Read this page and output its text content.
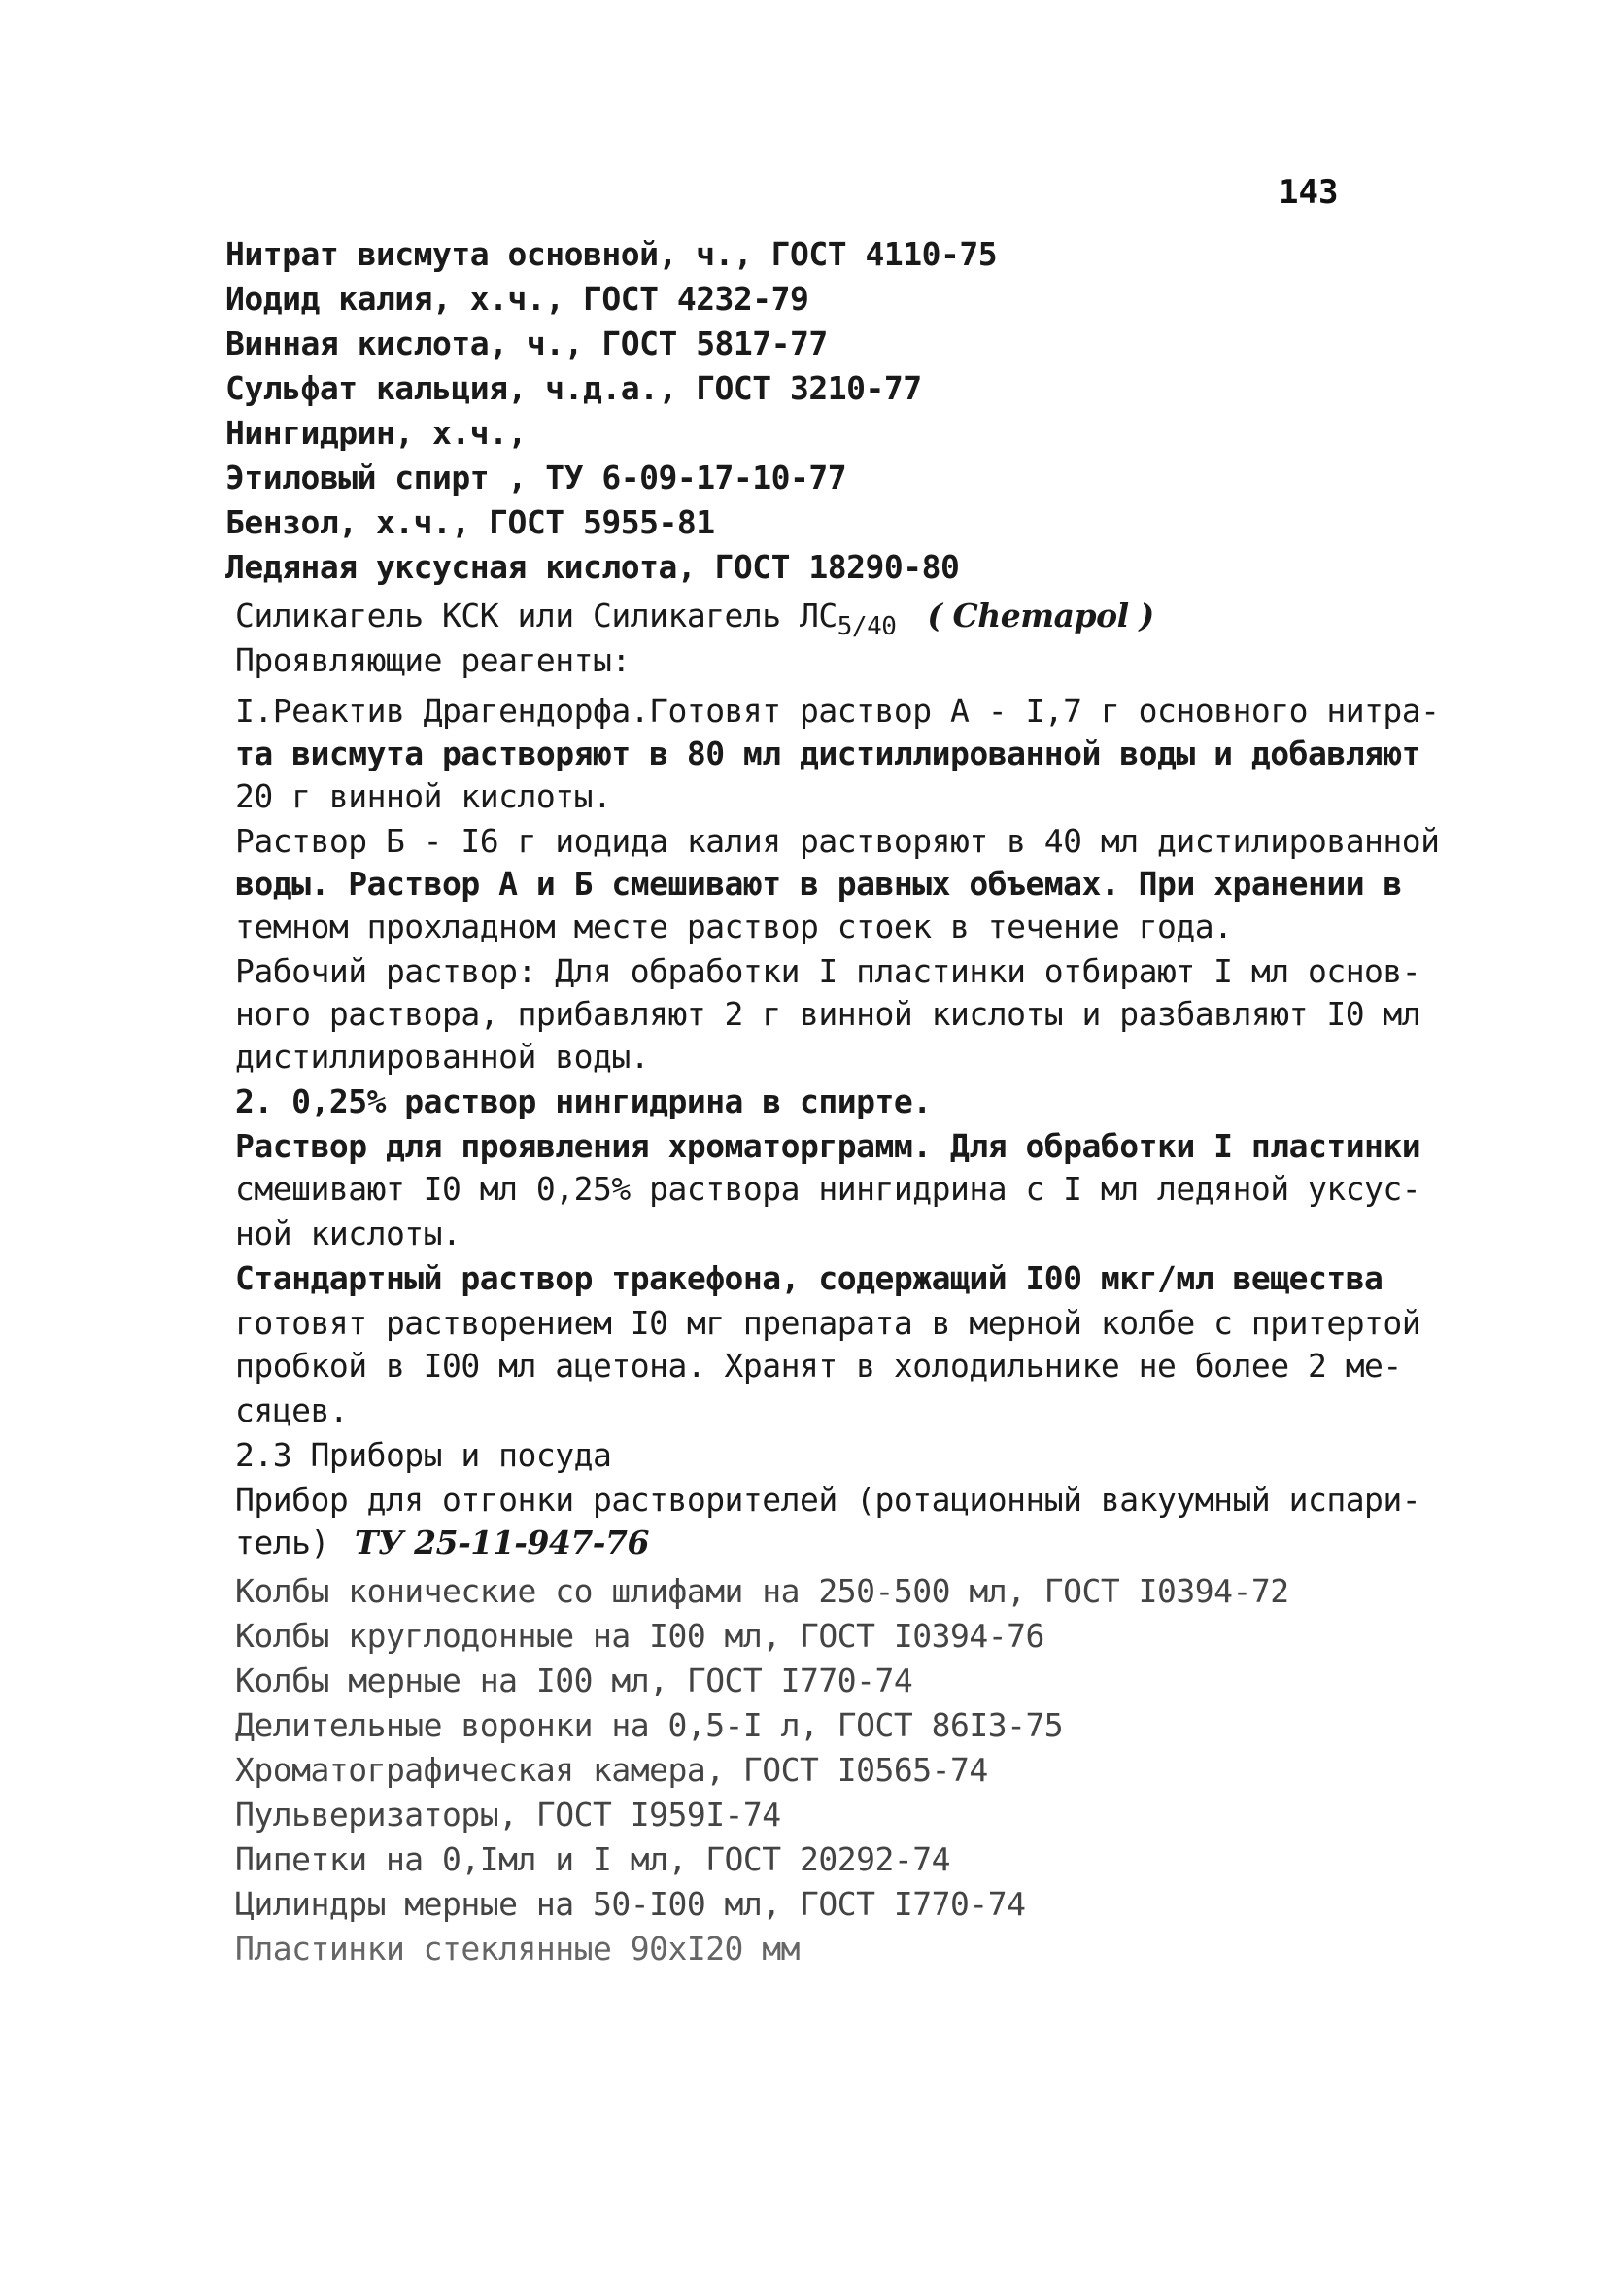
143
Нитрат висмута основной, ч., ГОСТ 4110-75
Иодид калия, х.ч., ГОСТ 4232-79
Винная кислота, ч., ГОСТ 5817-77
Сульфат кальция, ч.д.а., ГОСТ 3210-77
Нингидрин, х.ч.,
Этиловый спирт , ТУ 6-09-17-10-77
Бензол, х.ч., ГОСТ 5955-81
Ледяная уксусная кислота, ГОСТ 18290-80
Силикагель КСК или Силикагель $ЛС_{5/40}$ ( Chemapol )
Проявляющие реагенты:
I.Реактив Драгендорфа.Готовят раствор А - I,7 г основного нитра-
та висмута растворяют в 80 мл дистиллированной воды и добавляют
20 г винной кислоты.
Раствор Б - I6 г иодида калия растворяют в 40 мл дистилированной
воды. Раствор А и Б смешивают в равных объемах. При хранении в
темном прохладном месте раствор стоек в течение года.
Рабочий раствор: Для обработки I пластинки отбирают I мл основ-
ного раствора, прибавляют 2 г винной кислоты и разбавляют I0 мл
дистиллированной воды.
2. 0,25% раствор нингидрина в спирте.
Раствор для проявления хроматорграмм. Для обработки I пластинки
смешивают I0 мл 0,25% раствора нингидрина с I мл ледяной уксус-
ной кислоты.
Стандартный раствор тракефона, содержащий I00 мкг/мл вещества
готовят растворением I0 мг препарата в мерной колбе с притертой
пробкой в I00 мл ацетона. Хранят в холодильнике не более 2 ме-
сяцев.
2.3 Приборы и посуда
Прибор для отгонки растворителей (ротационный вакуумный испари-
тель) ТУ 25-11-947-76
Колбы конические со шлифами на 250-500 мл, ГОСТ I0394-72
Колбы круглодонные на I00 мл, ГОСТ I0394-76
Колбы мерные на I00 мл, ГОСТ I770-74
Делительные воронки на 0,5-I л, ГОСТ 86I3-75
Хроматографическая камера, ГОСТ I0565-74
Пульверизаторы, ГОСТ I959I-74
Пипетки на 0,Iмл и I мл, ГОСТ 20292-74
Цилиндры мерные на 50-I00 мл, ГОСТ I770-74
Пластинки стеклянные 90xI20 мм
